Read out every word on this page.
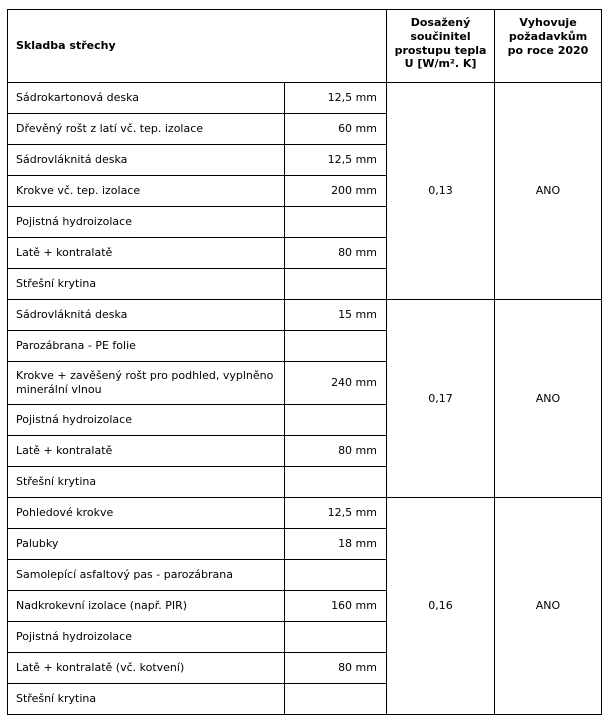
Skladba střechy		Dosažený součinitel prostupu tepla U [W/m². K]	Vyhovuje požadavkům po roce 2020
Sádrokartonová deska	12,5 mm	0,13	ANO
Dřevěný rošt z latí vč. tep. izolace	60 mm		
Sádrovláknitá deska	12,5 mm		
Krokve vč. tep. izolace	200 mm		
Pojistná hydroizolace			
Latě + kontralatě	80 mm		
Střešní krytina			
Sádrovláknitá deska	15 mm	0,17	ANO
Parozábrana - PE folie			
Krokve + zavěšený rošt pro podhled, vyplněno minerální vlnou	240 mm		
Pojistná hydroizolace			
Latě + kontralatě	80 mm		
Střešní krytina			
Pohledové krokve	12,5 mm	0,16	ANO
Palubky	18 mm		
Samolepící asfaltový pas - parozábrana			
Nadkrokevní izolace (např. PIR)	160 mm		
Pojistná hydroizolace			
Latě + kontralatě (vč. kotvení)	80 mm		
Střešní krytina			
